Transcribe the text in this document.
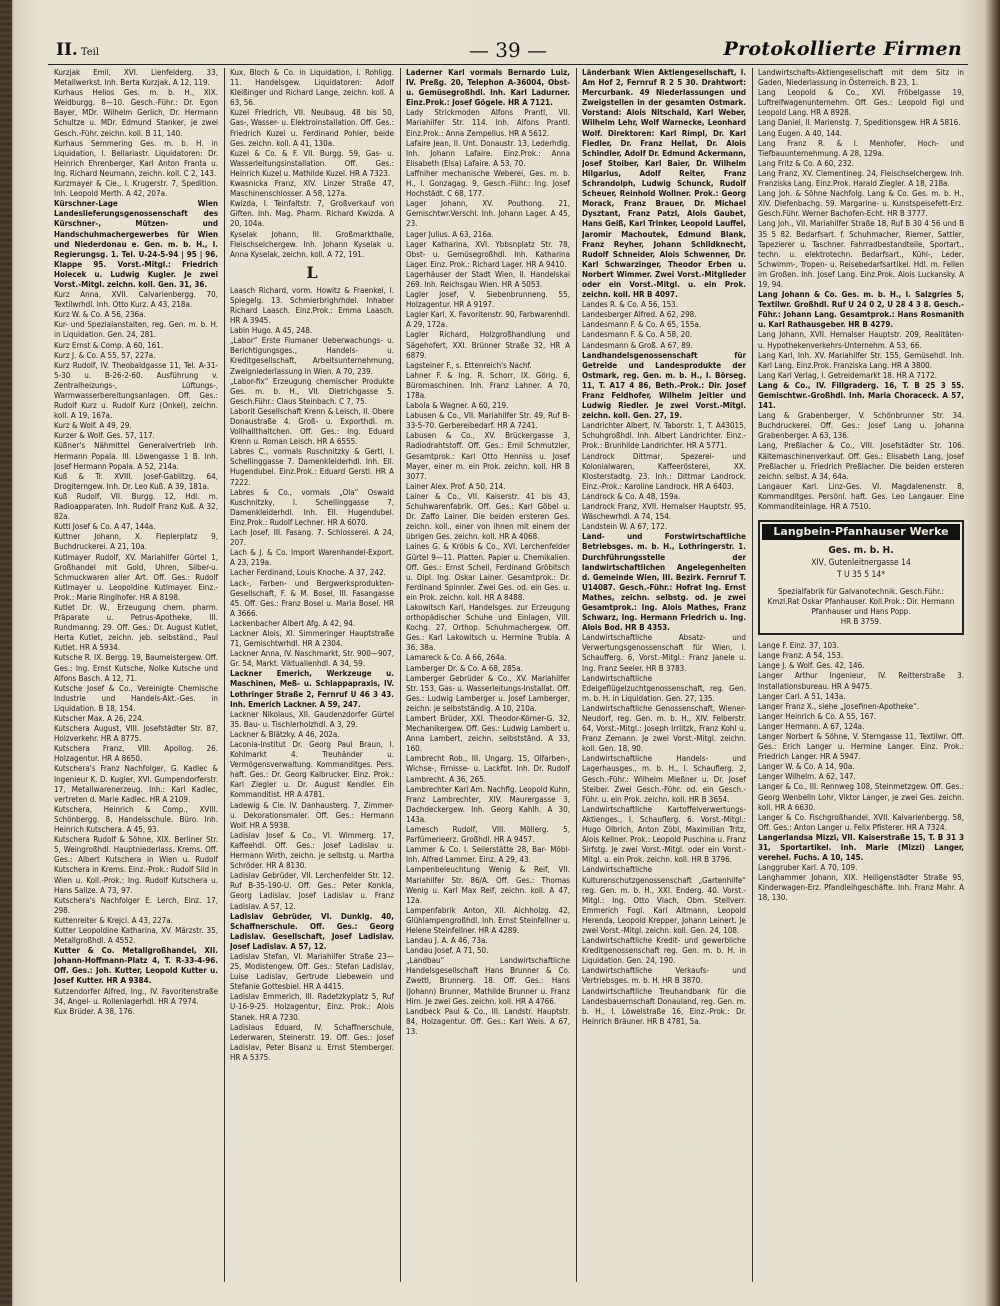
II. Teil	— 39 —	Protokollierte Firmen

Kurzjak Emil, XVI. Lienfelderg. 33, Metallwerkst. Inh. Berta Kurzjak. A 12, 119.

Kurhaus Helios Ges. m. b. H., XIX. Weidburgg. 8—10. Gesch.-Führ.: Dr. Egon Bayer, MDr. Wilhelm Gerlich, Dr. Hermann Schultze u. MDr. Edmund Stanker, je zwei Gesch.-Führ. zeichn. koll. B 11, 140.

Kurhaus Semmering Ges. m. b. H. in Liquidation, I. Bellariastr. Liquidatoren: Dr. Heinrich Ehrenberger, Karl Anton Franta u. Ing. Richard Neumann, zeichn. koll. C 2, 143.

Kurzmayer & Cie., I. Krugerstr. 7, Spedition. Inh. Leopold Merth. A 42, 207a.

Kürschner-Lage Wien Landeslieferungsgenossenschaft des Kürschner-, Mützen- und Handschuhmachergewerbes für Wien und Niederdonau e. Gen. m. b. H., I. Regierungsg. 1. Tel. U-24-5-94 | 95 | 96. Klappe 95. Vorst.-Mitgl.: Friedrich Holecek u. Ludwig Kugler. Je zwei Vorst.-Mitgl. zeichn. koll. Gen. 31, 36.

Kurz Anna, XVII. Calvarienbergg. 70, Textilwrhdl. Inh. Otto Kurz. A 43, 218a.

Kurz W. & Co. A 56, 236a.

Kur- und Spezialanstalten, reg. Gen. m. b. H. in Liquidation. Gen. 24, 281.

Kurz Ernst & Comp. A 60, 161.

Kurz J. & Co. A 55, 57, 227a.

Kurz Rudolf, IV. Theobaldgasse 11, Tel. A-31-5-30 u. B-26-2-60. Ausführung v. Zentralheizungs-, Lüftungs-, Warmwasserbereitungsanlagen. Off. Ges.: Rudolf Kurz u. Rudolf Kurz (Onkel), zeichn. koll. A 19, 167a.

Kurz & Wolf. A 49, 29.

Kurzer & Wolf. Ges. 57, 117.

Küßner's Nähmittel Generalvertrieb Inh. Hermann Popala. III. Löwengasse 1 B. Inh. Josef Hermann Popala. A 52, 214a.

Kuß & Tr. XVIII. Josef-Gablitzg. 64, Drogiterngew. Inh. Dr. Leo Kuß. A 39, 181a.

Kuß Rudolf, VII. Burgg. 12, Hdl. m. Radioapparaten. Inh. Rudolf Franz Kuß. A 32, 82a.

Kuttl Josef & Co. A 47, 144a.

Kuttner Johann, X. Fieplerplatz 9, Buchdruckerei. A 21, 10a.

Kutlmayer Rudolf, XV. Mariahilfer Gürtel 1, Großhandel mit Gold, Uhren, Silber-u. Schmuckwaren aller Art. Off. Ges.: Rudolf Kutlmayer u. Leopoldine Kutlmayer. Einz.-Prok.: Marie Ringlhofer. HR A 8198.

Kutlet Dr. W., Erzeugung chem. pharm. Präparate u. Petrus-Apotheke, III. Rundmanng. 29. Off. Ges.: Dr. August Kutlet, Herta Kutlet, zeichn. jeb. selbständ., Paul Kutlet. HR A 5934.

Kutsche R. IX. Bergg. 19, Baumeistergew. Off. Ges.: Ing. Ernst Kutsche, Nolke Kutsche und Alfons Basch. A 12, 71.

Kutsche Josef & Co., Vereinigte Chemische Industrie und Handels-Akt.-Ges. in Liquidation. B 18, 154.

Kutscher Max. A 26, 224.

Kutschera August, VIII. Josefstädter Str. 87, Holzverkehr. HR A 8775.

Kutschera Franz, VIII. Apollog. 26. Holzagentur. HR A 8650.

Kutschera's Franz Nachfolger, G. Kadlec & Ingenieur K. D. Kugler, XVI. Gumpendorferstr. 17, Metallwarenerzeug. Inh.: Karl Kadlec, vertreten d. Marie Kadlec. HR A 2109.

Kutschera, Heinrich & Comp., XVIII. Schönbergg. 8, Handelsschule. Büro. Inh. Heinrich Kutschera. A 45, 93.

Kutschera Rudolf & Söhne, XIX. Berliner Str. 5, Weingroßhdl. Hauptniederlass. Krems. Off. Ges.: Albert Kutschera in Wien u. Rudolf Kutschera in Krems. Einz.-Prok.: Rudolf Sild in Wien u. Koll.-Prok.: Ing. Rudolf Kutschera u. Hans Salize. A 73, 97.

Kutschera's Nachfolger E. Lerch, Einz. 17, 298.

Kuttenreiter & Krejci. A 43, 227a.

Kutter Leopoldine Katharina, XV. Märzstr. 35, Metallgroßhdl. A 4552.

Kutter & Co. Metallgroßhandel, XII. Johann-Hoffmann-Platz 4, T. R-33-4-96. Off. Ges.: Joh. Kutter, Leopold Kutter u. Josef Kutter. HR A 9384.

Kutzendorfer Alfred, Ing., IV. Favoritenstraße 34, Angel- u. Rollenlagerhdl. HR A 7974.

Kux Brüder. A 38, 176.

Kux, Bloch & Co. in Liquidation, I. Rohligg. 11. Handelsgew. Liquidatoren: Adolf Kleißinger und Richard Lange, zeichn. koll. A 63, 56.

Kuzel Friedrich, VII. Neubaug. 48 bis 50, Gas-, Wasser- u. Elektroinstallation. Off. Ges.: Friedrich Kuzel u. Ferdinand Pohler, beide Ges. zeichn. koll. A 41, 130a.

Kuzel & Co. & F. VII. Burgg. 59, Gas- u. Wasserleitungsinstallation. Off. Ges.: Heinrich Kuzel u. Mathilde Kuzel. HR A 7323.

Kwasnicka Franz, XIV. Linzer Straße 47, Maschinenschlosser. A 58, 127a.

Kwizda, I. Teinfaltstr. 7, Großverkauf von Giften. Inh. Mag. Pharm. Richard Kwizda. A 20, 104a.

Kyselak Johann, III. Großmarkthalle, Fleischselchergew. Inh. Johann Kyselak u. Anna Kyselak, zeichn. koll. A 72, 191.

L

Laasch Richard, vorm. Howitz & Fraenkel, I. Spiegelg. 13. Schmierbrighrhdel. Inhaber Richard Laasch. Einz.Prok.: Emma Laasch. HR A 3945.

Labin Hugo. A 45, 248.

„Labor“ Erste Fiumaner Ueberwachungs- u. Berichtigungsges., Handels- u. Kreditgesellschaft, Arbeitsunternehmung, Zweigniederlassung in Wien. A 70, 239.

„Labor-fix“ Erzeugung chemischer Produkte Ges. m. b. H., VII. Dietrichgasse 5. Gesch.Führ.: Claus Steinbach. C 7, 75.

Laborit Gesellschaft Krenn & Leisch, II. Obere Donaustraße 4. Groß- u. Exporthdl. m. Vollhallthaltchen. Off. Ges.: Ing. Eduard Krenn u. Roman Leisch. HR A 6555.

Labres C., vormals Ruschnitzky & Gertl, I. Schellinggasse 7. Damenkleiderhdl. Inh. Ell. Hugendubel. Einz.Prok.: Eduard Gerstl. HR A 7222.

Labres & Co., vormals „Ola“ Oswald Kuschnitzky, I. Schellinggasse 7, Damenkleiderhdl. Inh. Ell. Hugendubel. Einz.Prok.: Rudolf Lechner. HR A 6070.

Lach Josef, III. Fasang. 7. Schlosserei. A 24, 207.

Lach & J. & Co. Import Warenhandel-Export. A 23, 219a.

Lacher Ferdinand, Louis Knoche. A 37, 242.

Lack-, Farben- und Bergwerksprodukten-Gesellschaft, F. & M. Bosel, III. Fasangasse 45. Off. Ges.: Franz Bosel u. Maria Bosel. HR A 3666.

Lackenbacher Albert Afg. A 42, 94.

Lackner Alois, XI. Simmeringer Hauptstraße 71, Gemischtwrhdl. HR A 2304.

Lackner Anna, IV. Naschmarkt, Str. 900—907, Gr. 54, Markt. Viktualienhdl. A 34, 59.

Lackner Emerich, Werkzeuge u. Maschinen, Meß- u. Schlappapraxis, IV. Lothringer Straße 2, Fernruf U 46 3 43. Inh. Emerich Lackner. A 59, 247.

Lackner Nikolaus, XII. Gaudenzdorfer Gürtel 35. Bau- u. Tischlerholzhdl. A 3, 29.

Lackner & Blätzky. A 46, 202a.

Laconia-Institut Dr. Georg Paul Braun, I. Kohlmarkt 4. Treuhänder u. Vermögensverwaltung. Kommanditges. Pers. haft. Ges.: Dr. Georg Kalbrucker. Einz. Prok.: Karl Ziegler u. Dr. August Kendler. Ein Kommanditist. HR A 4781.

Ladewig & Cie. IV. Danhausterg. 7, Zimmer- u. Dekorationsmaler. Off. Ges.: Hermann Wolf. HR A 5938.

Ladislav Josef & Co., VI. Wimmerg. 17, Kaffeehdl. Off. Ges.: Josef Ladislav u. Hermann Wirth, zeichn. je selbstg. u. Martha Schröder. HR A 8130.

Ladislav Gebrüder, VII. Lerchenfelder Str. 12. Ruf B-35-190-U. Off. Ges.: Peter Konkla, Georg Ladislav, Josef Ladislav u. Franz Ladislav. A 57, 12.

Ladislav Gebrüder, VI. Dunklg. 40, Schaffnerschule. Off. Ges.: Georg Ladislav. Gesellschaft, Josef Ladislav. Josef Ladislav. A 57, 12.

Ladislav Stefan, VI. Mariahilfer Straße 23—25, Modistengew. Off. Ges.: Stefan Ladislav, Luise Ladislav, Gertrude Liebewein und Stefanie Gottesbiel. HR A 4415.

Ladislav Emmerich, III. Radetzkyplatz 5, Ruf U-16-9-25. Holzagentur, Einz. Prok.: Alois Stanek. HR A 7230.

Ladislaus Eduard, IV. Schaffnerschule, Lederwaren, Steinerstr. 19. Off. Ges.: Josef Ladislav, Peter Bisanz u. Ernst Stemberger. HR A 5375.

Laderner Karl vormals Bernardo Luiz, IV. Preßg. 20, Telephon A-36004, Obst- u. Gemüsegroßhdl. Inh. Karl Ladurner. Einz.Prok.: Josef Gögele. HR A 7121.

Lady Strickmoden Alfons Prantl, VII. Mariahilfer Str. 114. Inh. Alfons Prantl. Einz.Prok.: Anna Zempelius. HR A 5612.

Lafaire Jean, II. Unt. Donaustr. 13, Lederhdlg. Inh. Johann Lafaire. Einz.Prok.: Anna Elisabeth (Elsa) Lafaire. A 53, 70.

Laffniher mechanische Weberei, Ges. m. b. H., I. Gonzagag. 9, Gesch.-Führ.: Ing. Josef Hochstädt. C 68, 177.

Lager Johann, XV. Pouthong. 21, Gemischtwr.Verschl. Inh. Johann Lager. A 45, 23.

Lager Julius. A 63, 216a.

Lager Katharina, XVI. Ybbsnplatz Str. 78, Obst- u. Gemüsegroßhdl. Inh. Katharina Lager. Einz. Prok.: Richard Lager. HR A 9410.

Lagerhäuser der Stadt Wien, II. Handelskai 269. Inh. Reichsgau Wien. HR A 5053.

Lagler Josef, V. Siebenbrunneng. 55, Holzagentur. HR A 9197.

Lagler Karl, X. Favoritenstr. 90, Farbwarenhdl. A 29, 172a.

Lagler Richard, Holzgroßhandlung und Sägehofert, XXI. Brünner Straße 32, HR A 6879.

Lagsteiner F., s. Ettenreich's Nachf.

Lahner F. & Ing. R. Schorr, IX. Görig. 6, Büromaschinen. Inh. Franz Lahner. A 70, 178a.

Labola & Wagner. A 60, 219.

Labusen & Co., VII. Mariahilfer Str. 49, Ruf B-33-5-70. Gerbereibedarf. HR A 7241.

Labusen & Co., XV. Brückergasse 3, Radiodrahtstoff. Off. Ges.: Emil Schmutzler, Gesamtprok.: Karl Otto Henniss u. Josef Mayer, einer m. ein Prok. zeichn. koll. HR B 3077.

Lainer Alex. Prof. A 50, 214.

Lainer & Co., VII. Kaiserstr. 41 bis 43, Schuhwarenfabrik. Off. Ges.: Karl Göbel u. Dr. Zaffo Lainer. Die beiden ersteren Ges. zeichn. koll., einer von ihnen mit einem der übrigen Ges. zeichn. koll. HR A 4068.

Laines G. & Kröbis & Co., XVI. Lerchenfelder Gürtel 9—11. Platten. Papier u. Chemikalien. Off. Ges.: Ernst Schell, Ferdinand Gröbitsch u. Dipl. Ing. Oskar Lainer. Gesamtprok.: Dr. Ferdinand Spinnler. Zwei Ges. od. ein Ges. u. ein Prok. zeichn. koll. HR A 8488.

Lakowitsch Karl, Handelsges. zur Erzeugung orthopädischer Schuhe und Einlagen, VIII. Kochg. 27, Orthop. Schuhmachergew. Off. Ges.: Karl Lakowitsch u. Hermine Trubla. A 36, 38a.

Lamareck & Co. A 66, 264a.

Lamberger Dr. & Co. A 68, 285a.

Lamberger Gebrüder & Co., XV. Mariahilfer Str. 153, Gas- u. Wasserleitungs-Installat. Off. Ges.: Ludwig Lamberger u. Josef Lamberger, zeichn. je selbstständig. A 10, 210a.

Lambert Brüder, XXI. Theodor-Körner-G. 32, Mechanikergew. Off. Ges.: Ludwig Lambert u. Anna Lambert, zeichn. selbstständ. A 33, 160.

Lambrecht Rob., III. Ungarg. 15, Olfarben-, Wichse-, Firnisse- u. Lackfbt. Inh. Dr. Rudolf Lambrecht. A 36, 265.

Lambrechter Karl Am. Nachflg. Leopold Kuhn, Franz Lambrechter, XIV. Maurergasse 3, Dachdeckergew. Inh. Georg Kahlh. A 30, 143a.

Lamesch Rudolf, VIII. Möllerg. 5, Parfümerieerz. Großhdl. HR A 9457.

Lammer & Co. I. Seilerstätte 28, Bar- Möbl- Inh. Alfred Lammer. Einz. A 29, 43.

Lampenbeleuchtung Wenig & Reif, VII. Mariahilfer Str. 86/A. Off. Ges.: Thomas Wenig u. Karl Max Reif, zeichn. koll. A 47, 12a.

Lampenfabrik Anton, XII. Aichholzg. 42, Glühlampengroßhdl. Inh. Ernst Steinfellner u. Helene Steinfellner. HR A 4289.

Landau J. A. A 46, 73a.

Landau Josef. A 71, 50.

„Landbau“ Landwirtschaftliche Handelsgesellschaft Hans Brunner & Co. Zwettl, Brunnerg. 18. Off. Ges.: Hans (Johann) Brunner, Mathilde Brunner u. Franz Hirn. Je zwei Ges. zeichn. koll. HR A 4766.

Landbeck Paul & Co., III. Landstr. Hauptstr. 84, Holzagentur. Off. Ges.: Karl Weis. A 67, 13.

Länderbank Wien Aktiengesellschaft, I. Am Hof 2, Fernruf R 2 5 30. Drahtwort: Mercurbank. 49 Niederlassungen und Zweigstellen in der gesamten Ostmark. Vorstand: Alois Nitschald, Karl Weber, Wilhelm Lehr, Wolf Warnecke, Leonhard Wolf. Direktoren: Karl Rimpl, Dr. Karl Fiedler, Dr. Franz Hellat, Dr. Alois Schindler, Adolf Dr. Edmund Ackermann, Josef Stoiber, Karl Baier, Dr. Wilhelm Hilgarius, Adolf Reiter, Franz Schrandolph, Ludwig Schunck, Rudolf Scheuer, Reinhold Wollner. Prok.: Georg Morack, Franz Brauer, Dr. Michael Dysztant, Franz Patzl, Alois Gaubet, Hans Geiß, Karl Trinker, Leopold Lauffel, Jaromir Machoutek, Edmund Blank, Franz Reyher, Johann Schildknecht, Rudolf Schneider, Alois Schwenner, Dr. Karl Schwarzinger, Theodor Erben u. Norbert Wimmer. Zwei Vorst.-Mitglieder oder ein Vorst.-Mitgl. u. ein Prok. zeichn. koll. HR B 4097.

Landes R. & Co. A 56, 153.

Landesberger Alfred. A 62, 298.

Landesmann F. & Co. A 65, 155a.

Landesmann F. & Co. A 58, 20.

Landesmann & Groß. A 67, 89.

Landhandelsgenossenschaft für Getreide und Landesprodukte der Ostmark, reg. Gen. m. b. H., I. Börseg. 11, T. A17 4 86, Beth.-Prok.: Dir. Josef Franz Feldhofer, Wilhelm Jeitler und Ludwig Riedler. Je zwei Vorst.-Mitgl. zeichn. koll. Gen. 27, 19.

Landrichter Albert, IV. Taborstr. 1, T. A43015, Schuhgroßhdl. Inh. Albert Landrichter. Einz.-Prok.: Brunhilde Landrichter. HR A 5771.

Landrock Dittmar, Spezerei- und Kolonialwaren, Kaffeerösterei, XX. Klosterstadtg. 23. Inh.: Dittmar Landrock. Einz.-Prok.: Karoline Landrock. HR A 6403.

Landrock & Co. A 48, 159a.

Landrock Franz, XVII. Hernalser Hauptstr. 95, Wäschewrhdl. A 74, 154.

Landstein W. A 67, 172.

Land- und Forstwirtschaftliche Betriebsges. m. b. H., Lothringerstr. 1. Durchführungsstelle der landwirtschaftlichen Angelegenheiten d. Gemeinde Wien, III. Bezirk. Fernruf T. U14087. Gesch.-Führ.: Hofrat Ing. Ernst Mathes, zeichn. selbstg. od. je zwei Gesamtprok.: Ing. Alois Mathes, Franz Schwarz, Ing. Hermann Friedrich u. Ing. Alois Bod. HR B 4353.

Landwirtschaftliche Absatz- und Verwertungsgenossenschaft für Wien, I. Schaufferg. 6, Vorst.-Mitgl.: Franz Janele u. Ing. Franz Seeler. HR B 3783.

Landwirtschaftliche Edelgeflügelzuchtgenossenschaft, reg. Gen. m. b. H. in Liquidation. Gen. 27, 135.

Landwirtschaftliche Genossenschaft, Wiener-Neudorf, reg. Gen. m. b. H., XIV. Felberstr. 64, Vorst.-Mitgl.: Joseph Irrlitzk, Franz Kohl u. Franz Zemann. Je zwei Vorst.-Mitgl. zeichn. koll. Gen. 18, 90.

Landwirtschaftliche Handels- und Lagerhausges., m. b. H., I. Schauflerg. 2, Gesch.-Führ.: Wilhelm Mießner u. Dr. Josef Steiber. Zwei Gesch.-Führ. od. ein Gesch.-Führ. u. ein Prok. zeichn. koll. HR B 3654.

Landwirtschaftliche Kartoffelverwertungs-Aktienges., I. Schauflerg. 6. Vorst.-Mitgl.: Hugo Olbrich, Anton Zöbl, Maximilian Tritz, Alois Kellner. Prok.: Leopold Puschina u. Franz Sirfstg. Je zwei Vorst.-Mitgl. oder ein Vorst.-Mitgl. u. ein Prok. zeichn. koll. HR B 3796.

Landwirtschaftliche Kulturenschutzgenossenschaft „Gartenhilfe“ reg. Gen. m. b. H., XXI. Enderg. 40. Vorst.-Mitgl.: Ing. Otto Vlach, Obm. Stellverr. Emmerich Fogl. Karl Altmann, Leopold Herenda, Leopold Krepper, Johann Leinert. Je zwei Vorst.-Mitgl. zeichn. koll. Gen. 24, 108.

Landwirtschaftliche Kredit- und gewerbliche Kreditgenossenschaft reg. Gen. m. b. H. in Liquidation. Gen. 24, 190.

Landwirtschaftliche Verkaufs- und Vertriebsges. m. b. H. HR B 3870.

Landwirtschaftliche Treuhandbank für die Landesbauernschaft Donauland, reg. Gen. m. b. H., I. Löwelstraße 16, Einz.-Prok.: Dr. Heinrich Bräuner. HR B 4781, 5a.

Landwirtschafts-Aktiengesellschaft mit dem Sitz in Gaden, Niederlassung in Österreich. B 23, 1.

Lang Leopold & Co., XVI. Fröbelgasse 19, Luftreifwagenunternehm. Off. Ges.: Leopold Figl und Leopold Lang. HR A 8928.

Lang Daniel, II. Marienstg. 7, Speditionsgew. HR A 5816.

Lang Eugen. A 40, 144.

Lang Franz R. & I. Menhofer, Hoch- und Tiefbauunternehmung. A 28, 129a.

Lang Fritz & Co. A 60, 232.

Lang Franz, XV. Clementineg. 24, Fleischselchergew. Inh. Franziska Lang. Einz.Prok. Harald Ziegler. A 18, 218a.

Lang Joh. & Söhne Nachfolg. Lang & Co. Ges. m. b. H., XIV. Diefenbachg. 59. Margarine- u. Kunstspeisefett-Erz. Gesch.Führ. Werner Bachofen-Echt. HR B 3777.

Lang Joh., VII. Mariahilfer Straße 18, Ruf B 30 4 56 und B 35 5 82. Bedarfsart. f. Schuhmacher, Riemer, Sattler, Tapezierer u. Taschner. Fahrradbestandteile, Sportart., techn. u. elektrotechn. Bedarfsart., Kühl-, Leder, Schwimm-, Tropen- u. Reisebedarfsartikel. Hdl. m. Fellen im Großen. Inh. Josef Lang. Einz.Prok. Alois Luckansky. A 19, 94.

Lang Johann & Co. Ges. m. b. H., I. Salzgries 5, Textilwr. Großhdl. Ruf U 24 0 2, U 28 4 3 8. Gesch.-Führ.: Johann Lang. Gesamtprok.: Hans Rosmanith u. Karl Rathausgeber. HR B 4279.

Lang Johann, XVII. Hernalser Hauptstr. 209, Realitäten- u. Hypothekenverkehrs-Unternehm. A 53, 66.

Lang Karl, Inh. XV. Mariahilfer Str. 155, Gemüsehdl. Inh. Karl Lang. Einz.Prok. Franziska Lang. HR A 3800.

Lang Karl Verlag, I. Getreidemarkt 18. HR A 7172.

Lang & Co., IV. Fillgraderg. 16, T. B 25 3 55. Gemischtwr.-Großhdl. Inh. Maria Choraceck. A 57, 141.

Lang & Grabenberger, V. Schönbrunner Str. 34. Buchdruckerei. Off. Ges.: Josef Lang u. Johanna Grabenberger. A 63, 136.

Lang, Preßlacher & Co., VIII. Josefstädter Str. 106. Kältemaschinenverkauf. Off. Ges.: Elisabeth Lang, Josef Preßlacher u. Friedrich Preßlacher. Die beiden ersteren zeichn. selbst. A 34, 64a.

Langauer Karl. Linz-Ges. VI. Magdalenenstr. 8, Kommanditges. Persönl. haft. Ges. Leo Langauer. Eine Kommanditeinlage. HR A 7510.

Langbein-Pfanhauser Werke
Ges. m. b. H.
XIV, Gutenleitnergasse 14
T U 35 5 14*
Spezialfabrik für Galvanotechnik. Gesch.Führ.: Kmzl.Rat Oskar Pfanhauser. Koll.Prok.: Dir. Hermann Pfanhauser und Hans Popp.
HR B 3759.

Lange F. Einz. 37, 103.

Lange Franz. A 54, 153.

Lange J. & Wolf. Ges. 42, 146.

Langer Arthur Ingenieur, IV. Reitterstraße 3. Installationsbureau. HR A 9475.

Langer Carl. A 51, 143a.

Langer Franz X., siehe „Josefinen-Apotheke“.

Langer Heinrich & Co. A 55, 167.

Langer Hermann. A 67, 124a.

Langer Norbert & Söhne, V. Sterngasse 11, Textilwr. Off. Ges.: Erich Langer u. Hermine Langer. Einz. Prok.: Friedrich Langer. HR A 5947.

Langer W. & Co. A 14, 90a.

Langer Wilhelm. A 62, 147.

Langer & Co., III. Rennweg 108, Steinmetzgew. Off. Ges.: Georg Wenbelln Lohr, Viktor Langer, je zwei Ges. zeichn. koll. HR A 6630.

Langer & Co. Fischgroßhandel, XVII. Kalvarienbergg. 58, Off. Ges.: Anton Langer u. Felix Pfisterer. HR A 7324.

Langerlandsa Mizzi, VII. Kaiserstraße 15, T. B 31 3 31, Sportartikel. Inh. Marie (Mizzi) Langer, verehel. Fuchs. A 10, 145.

Langgruber Karl. A 70, 109.

Langhammer Johann, XIX. Heiligenstädter Straße 95, Kinderwagen-Erz. Pfandleihgeschäfte. Inh. Franz Mahr. A 18, 130.
